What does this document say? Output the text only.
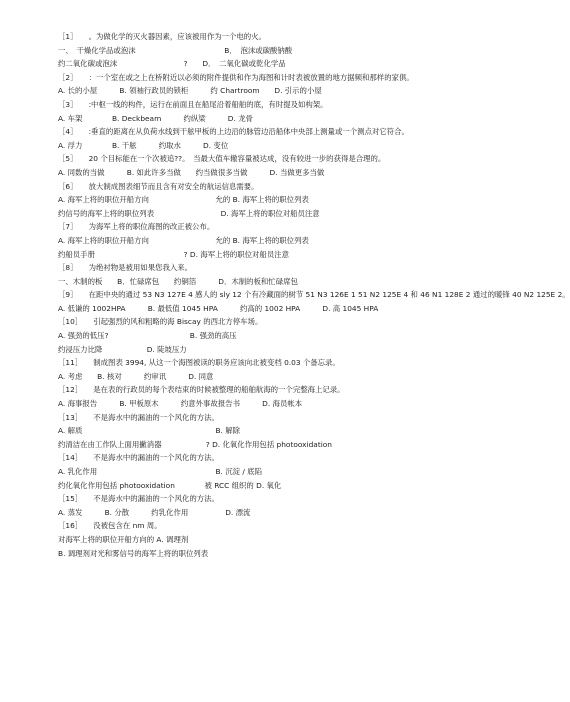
［1］　　。为做化学的灭火器因素，应该被用作为一个电的火。
一、　干燥化学品或泡沫　　　　　　　　　　　　B．　泡沫或碳酸钠酸
约二氧化碳或泡沫　　　　　　　　　?　　D．　二氧化碳或乾化学品
［2］　　：一个室在或之上在桥附近以必须的附件提供和作为海图和计时表被放置的地方据频和那样的家俱。
A. 长的小屋　　　B. 领袖行政员的锁柜　　　约 Chartroom　　D. 引示的小屋
［3］　　:中枢一线的构件，运行在前面且在船尾沿着船舶的底，有时提及如构架。
A. 车架　　　　B. Deckbeam　　　约纵梁　　　D. 龙骨
［4］　　:垂直的距离在从负荷水线到干舷甲板的上边沿的脉管边沿船体中央部上测量或一个测点对它符合。
A. 浮力　　　　B. 干舷　　　约取水　　　D. 变位
［5］　　20 个目标能在一个次被追??。　当最大值车辙容量被达成，没有较进一步的获得是合理的。
A. 同数的当做　　　B. 如此许多当做　　约当做很多当做　　　D. 当做更多当做
［6］　　放大制成图表细节而且含有对安全的航运信息需要。
A. 海军上将的职位开船方向　　　　　　　　　允的 B. 海军上将的职位列表
约信号的海军上将的职位列表　　　　　　　　　D. 海军上将的职位对船员注意
［7］　　为海军上将的职位海图的改正被公布。
A. 海军上将的职位开船方向　　　　　　　　　允的 B. 海军上将的职位列表
约船员手册　　　　　　　　　　　　? D. 海军上将的职位对船员注意
［8］　　为绝衬物是被用如果您我入来。
一、木制的板　　B．忙碌席包　　约铜箔　　　D．木制的板和忙碌席包
［9］　　在距中央的通过 53 N3 127E 4 感人的 sly 12 个有冷藏面的树节 51 N3 126E 1 51 N2 125E 4 和 46 N1 128E 2 通过的暖锋 40 N2 125E 2。
A. 低谦的 1002HPA　　　B. 最低值 1045 HPA　　　约高的 1002 HPA　　　D. 高 1045 HPA
［10］　　引起强烈的风和粗略的海 Biscay 的西北方停车场。
A. 强劲的低压?　　　　　　　　　　　B. 强劲的高压
约浸压力比降　　　　　　D. 陡坡压力
［11］　　制成图表 3994, 从这一个海图被读的职务应该向北被变档 0.03 个备忘录。
A. 考虑　　B. 核对　　　约审讯　　　D. 同意
［12］　　是在表的行政员的每个表结束的时候被整理的船舶航海的一个完整海上记录。
A. 海事报告　　　B. 甲板原木　　　约意外事故报告书　　　D. 海员帐本
［13］　　不是海水中的漏油的一个风化的方法。
A. 解质　　　　　　　　　　　　　　　　　　B. 解除
约清洁在由工作队上面用撇消器　　　　　　? D. 化氧化作用包括 photooxidation
［14］　　不是海水中的漏油的一个风化的方法。
A. 乳化作用　　　　　　　　　　　　　　　　B. 沉淀 / 底陷
约化氧化作用包括 photooxidation　　　　被 RCC 组织的 D. 氧化
［15］　　不是海水中的漏油的一个风化的方法。
A. 蒸发　　　B. 分散　　　约乳化作用　　　　　D. 漂流
［16］　　没被包含在 nm 周。
对海军上将的职位开船方向的 A. 调理剂
B. 调理剂对光和雾信号的海军上将的职位列表
